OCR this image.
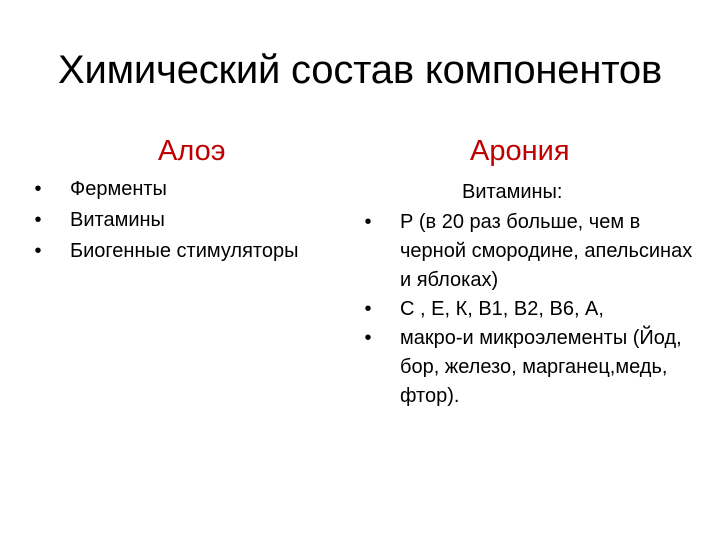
Химический состав компонентов
Алоэ	Арония
•	Ферменты
•	Витамины
•	Биогенные стимуляторы
Витамины:
•	Р (в 20 раз больше, чем в черной смородине, апельсинах и яблоках)
•	С , Е, К, В1, В2, В6, А,
•	макро-и микроэлементы (Йод, бор, железо, марганец,медь, фтор).
